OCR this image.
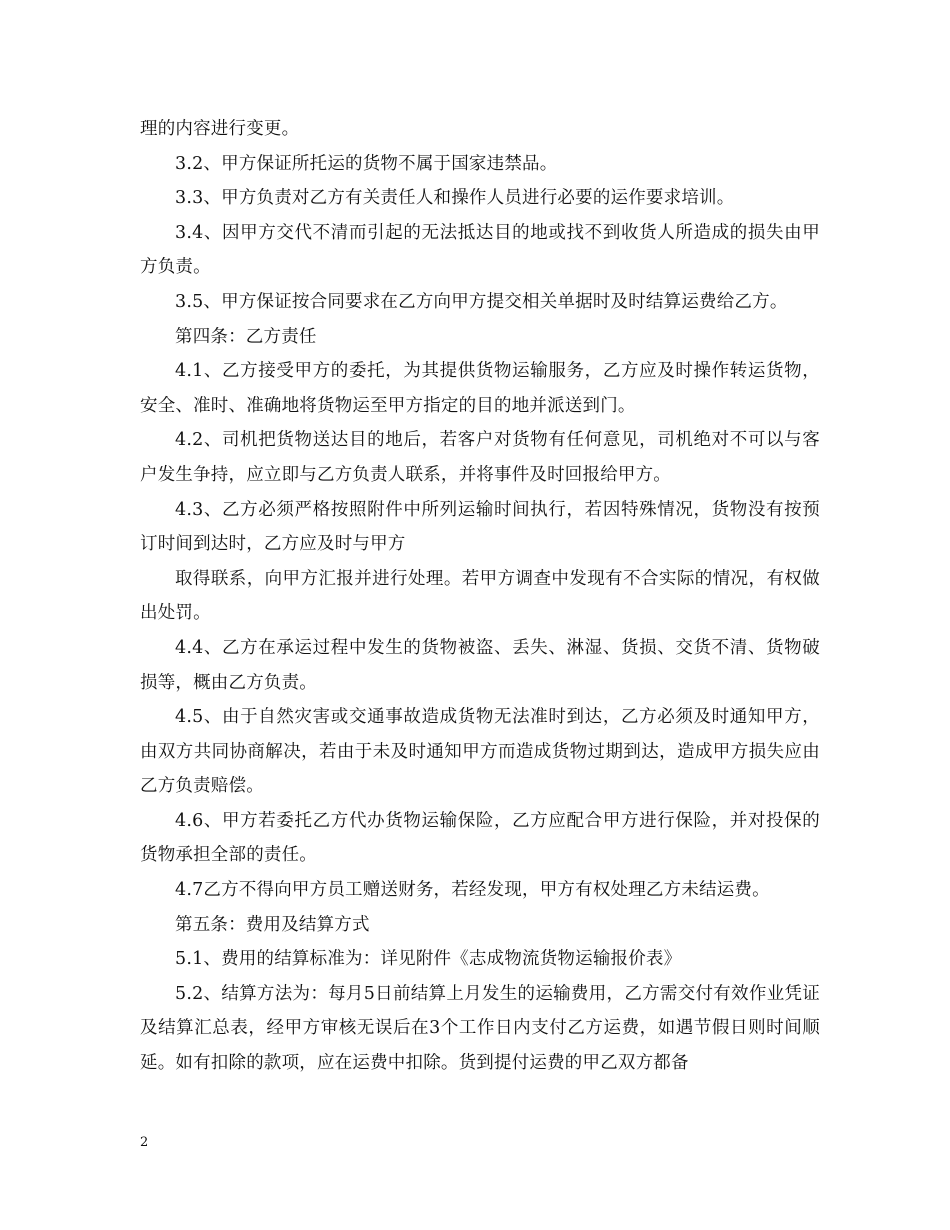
理的内容进行变更。

3.2、甲方保证所托运的货物不属于国家违禁品。

3.3、甲方负责对乙方有关责任人和操作人员进行必要的运作要求培训。

3.4、因甲方交代不清而引起的无法抵达目的地或找不到收货人所造成的损失由甲方负责。

3.5、甲方保证按合同要求在乙方向甲方提交相关单据时及时结算运费给乙方。

第四条：乙方责任

4.1、乙方接受甲方的委托，为其提供货物运输服务，乙方应及时操作转运货物，安全、准时、准确地将货物运至甲方指定的目的地并派送到门。

4.2、司机把货物送达目的地后，若客户对货物有任何意见，司机绝对不可以与客户发生争持，应立即与乙方负责人联系，并将事件及时回报给甲方。

4.3、乙方必须严格按照附件中所列运输时间执行，若因特殊情况，货物没有按预订时间到达时，乙方应及时与甲方

取得联系，向甲方汇报并进行处理。若甲方调查中发现有不合实际的情况，有权做出处罚。

4.4、乙方在承运过程中发生的货物被盗、丢失、淋湿、货损、交货不清、货物破损等，概由乙方负责。

4.5、由于自然灾害或交通事故造成货物无法准时到达，乙方必须及时通知甲方，由双方共同协商解决，若由于未及时通知甲方而造成货物过期到达，造成甲方损失应由乙方负责赔偿。

4.6、甲方若委托乙方代办货物运输保险，乙方应配合甲方进行保险，并对投保的货物承担全部的责任。

4.7乙方不得向甲方员工赠送财务，若经发现，甲方有权处理乙方未结运费。

第五条：费用及结算方式

5.1、费用的结算标准为：详见附件《志成物流货物运输报价表》

5.2、结算方法为：每月5日前结算上月发生的运输费用，乙方需交付有效作业凭证及结算汇总表，经甲方审核无误后在3个工作日内支付乙方运费，如遇节假日则时间顺延。如有扣除的款项，应在运费中扣除。货到提付运费的甲乙双方都备

2
